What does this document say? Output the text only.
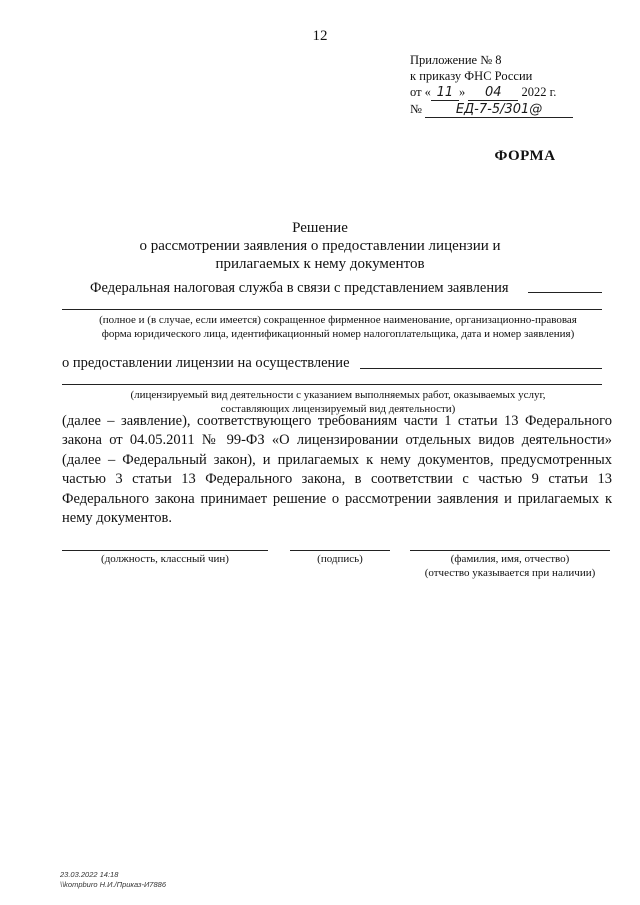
12
Приложение № 8
к приказу ФНС России
от « 11 » 04 2022 г.
№	ЕД-7-5/301@
ФОРМА
Решение
о рассмотрении заявления о предоставлении лицензии и
прилагаемых к нему документов
Федеральная налоговая служба в связи с представлением заявления
(полное и (в случае, если имеется) сокращенное фирменное наименование, организационно-правовая
форма юридического лица, идентификационный номер налогоплательщика, дата и номер заявления)
о предоставлении лицензии на осуществление
(лицензируемый вид деятельности с указанием выполняемых работ, оказываемых услуг,
составляющих лицензируемый вид деятельности)
(далее – заявление), соответствующего требованиям части 1 статьи 13 Федерального закона от 04.05.2011 № 99-ФЗ «О лицензировании отдельных видов деятельности» (далее – Федеральный закон), и прилагаемых к нему документов, предусмотренных частью 3 статьи 13 Федерального закона, в соответствии с частью 9 статьи 13 Федерального закона принимает решение о рассмотрении заявления и прилагаемых к нему документов.
(должность, классный чин)	(подпись)	(фамилия, имя, отчество)
(отчество указывается при наличии)
23.03.2022 14:18
\\kompburo Н.И./Приказ-И7886
